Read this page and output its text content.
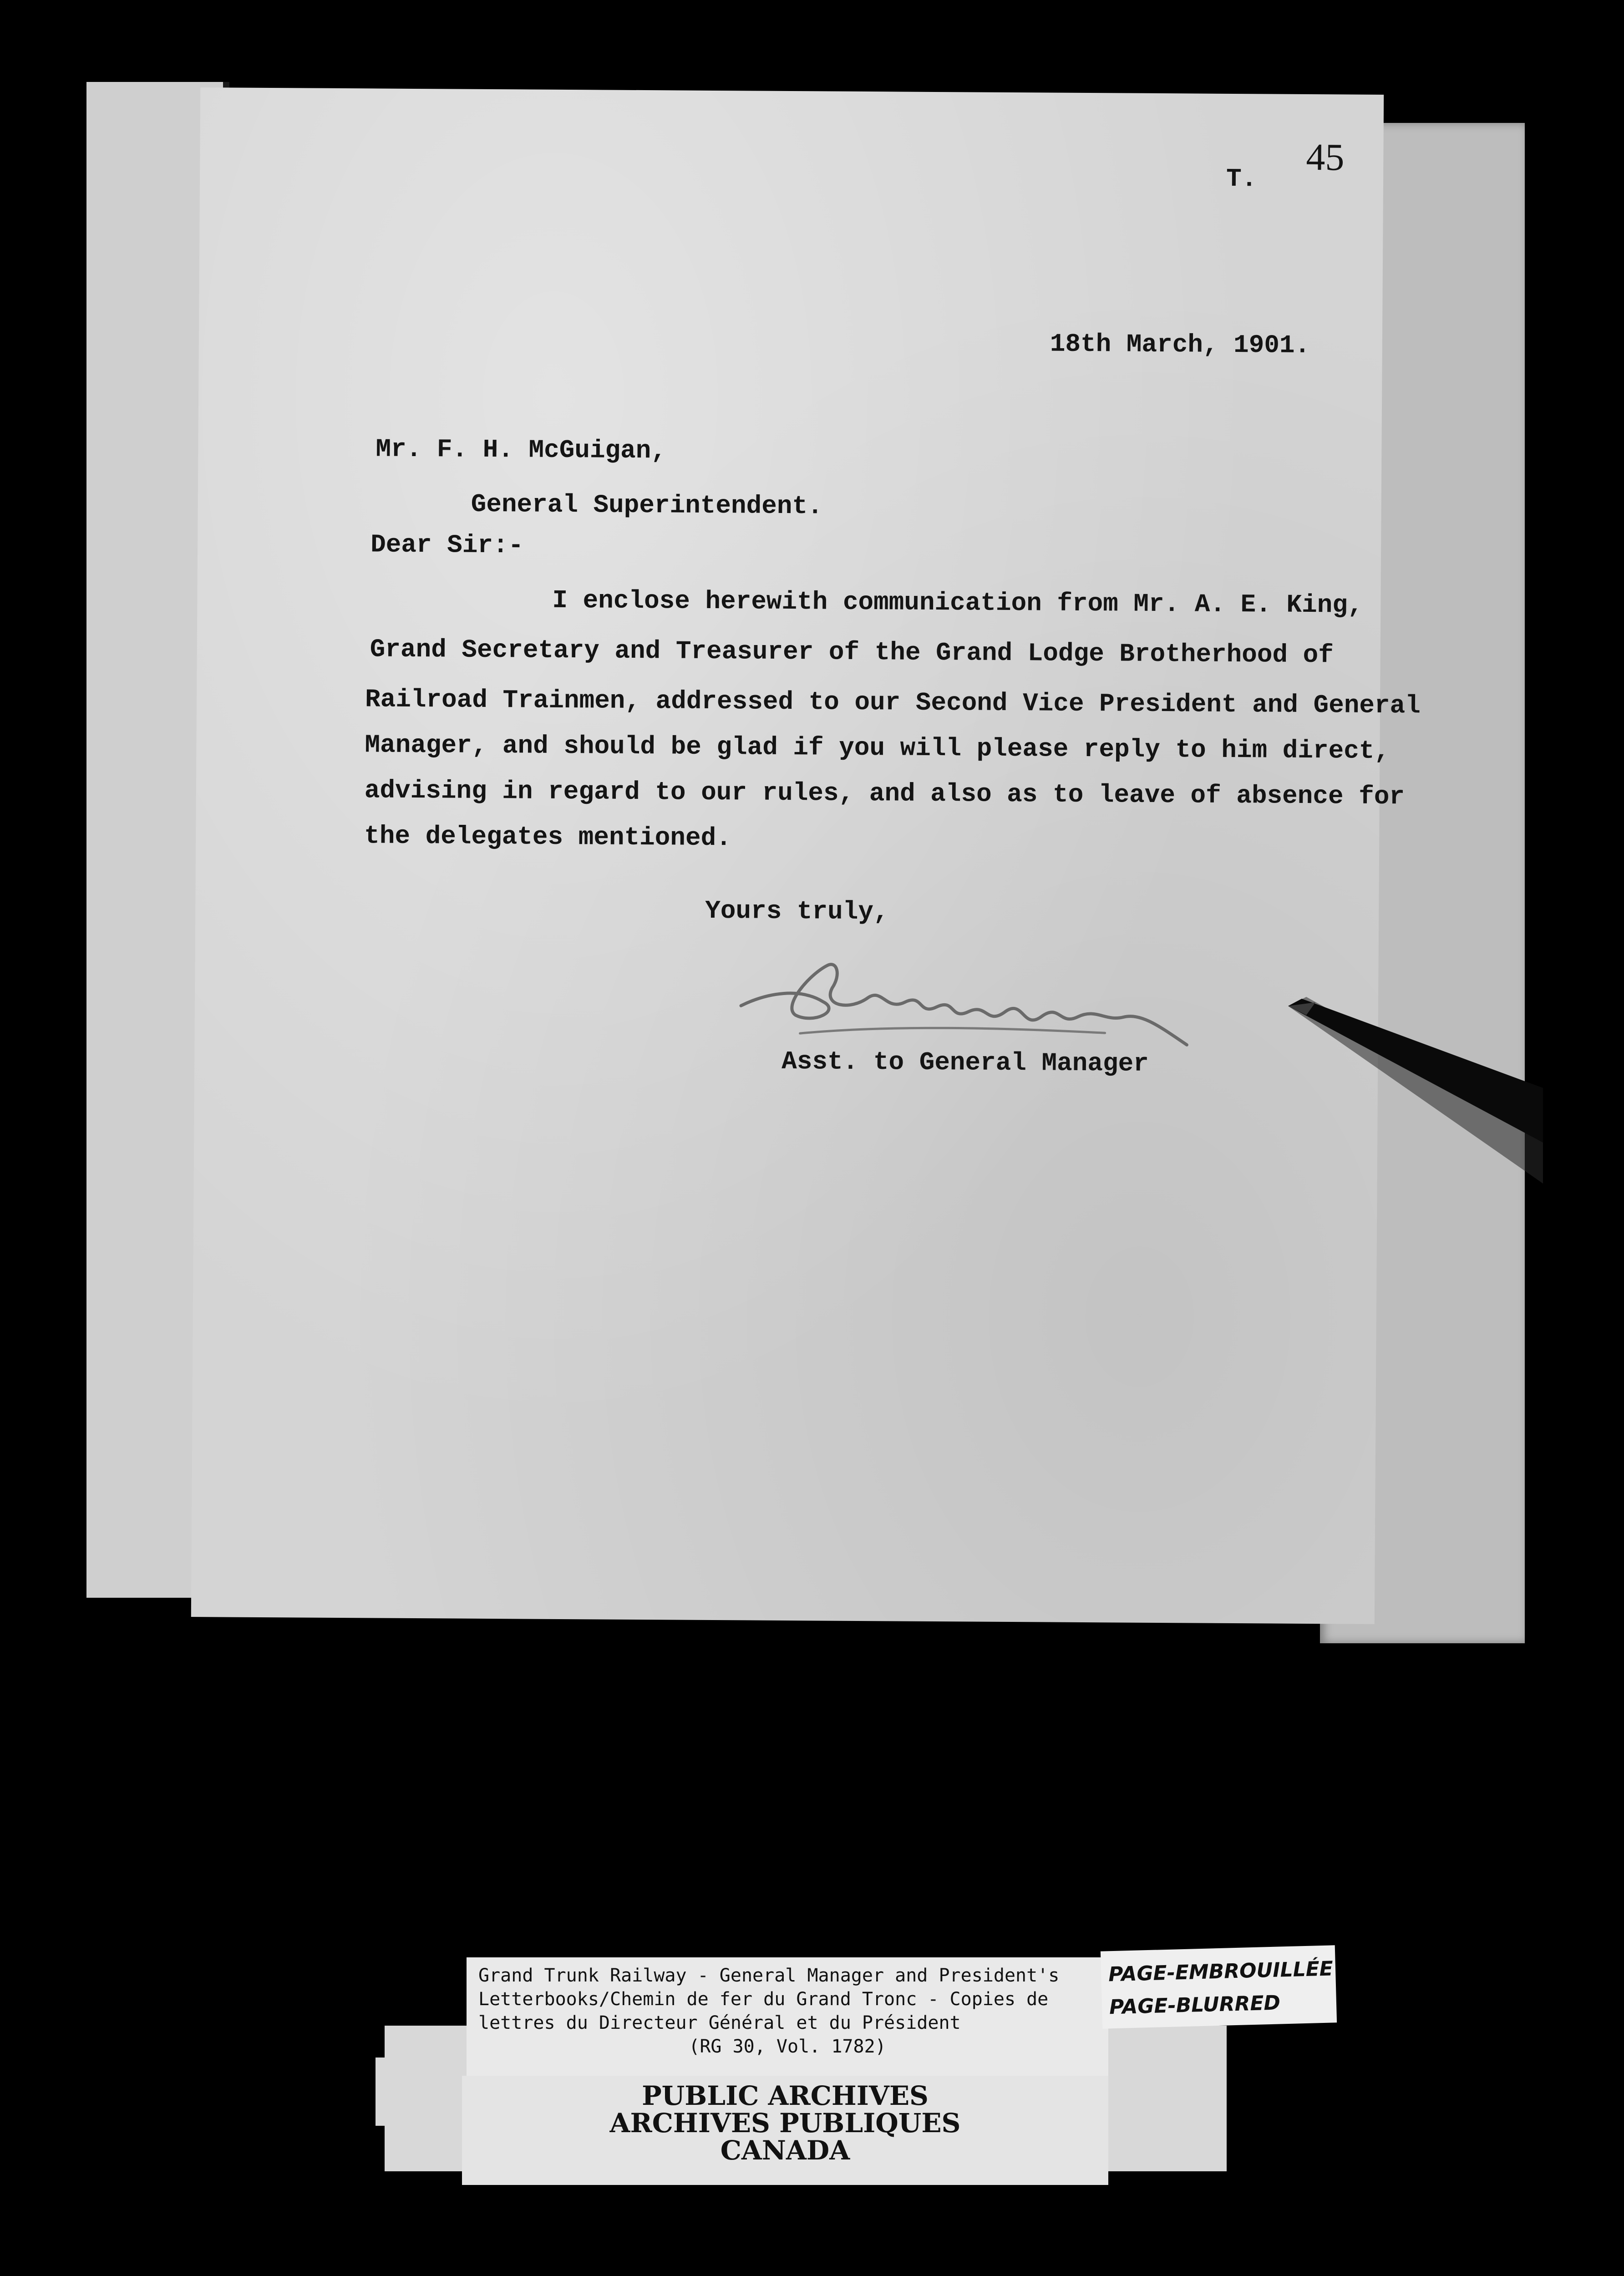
45
T.
18th March, 1901.
Mr. F. H. McGuigan,
General Superintendent.
Dear Sir:-
I enclose herewith communication from Mr. A. E. King,
Grand Secretary and Treasurer of the Grand Lodge Brotherhood of
Railroad Trainmen, addressed to our Second Vice President and General
Manager, and should be glad if you will please reply to him direct,
advising in regard to our rules, and also as to leave of absence for
the delegates mentioned.
Yours truly,
Asst. to General Manager
Grand Trunk Railway - General Manager and President's
Letterbooks/Chemin de fer du Grand Tronc - Copies de
lettres du Directeur Général et du Président
(RG 30, Vol. 1782)
PAGE-EMBROUILLÉE
PAGE-BLURRED
PUBLIC ARCHIVES
ARCHIVES PUBLIQUES
CANADA
